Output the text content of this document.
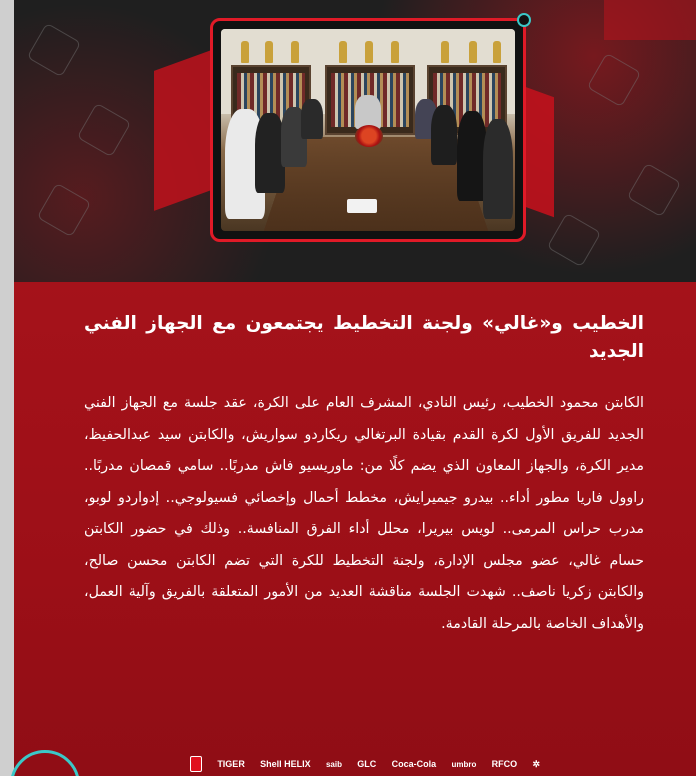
الخطيب و«غالي» ولجنة التخطيط يجتمعون مع الجهاز الفني الجديد
الكابتن محمود الخطيب، رئيس النادي، المشرف العام على الكرة، عقد جلسة مع الجهاز الفني الجديد للفريق الأول لكرة القدم بقيادة البرتغالي ريكاردو سواريش، والكابتن سيد عبدالحفيظ، مدير الكرة، والجهاز المعاون الذي يضم كلًا من: ماوريسيو فاش مدربًا.. سامي قمصان مدربًا.. راوول فاريا مطور أداء.. بيدرو جيميرايش، مخطط أحمال وإخصائي فسيولوجي.. إدواردو لوبو، مدرب حراس المرمى.. لويس بيريرا، محلل أداء الفرق المنافسة.. وذلك في حضور الكابتن حسام غالي، عضو مجلس الإدارة، ولجنة التخطيط للكرة التي تضم الكابتن محسن صالح، والكابتن زكريا ناصف.. شهدت الجلسة مناقشة العديد من الأمور المتعلقة بالفريق وآلية العمل، والأهداف الخاصة بالمرحلة القادمة.
TIGER Shell HELIX saib GLC Coca-Cola umbro RFCO ✲
